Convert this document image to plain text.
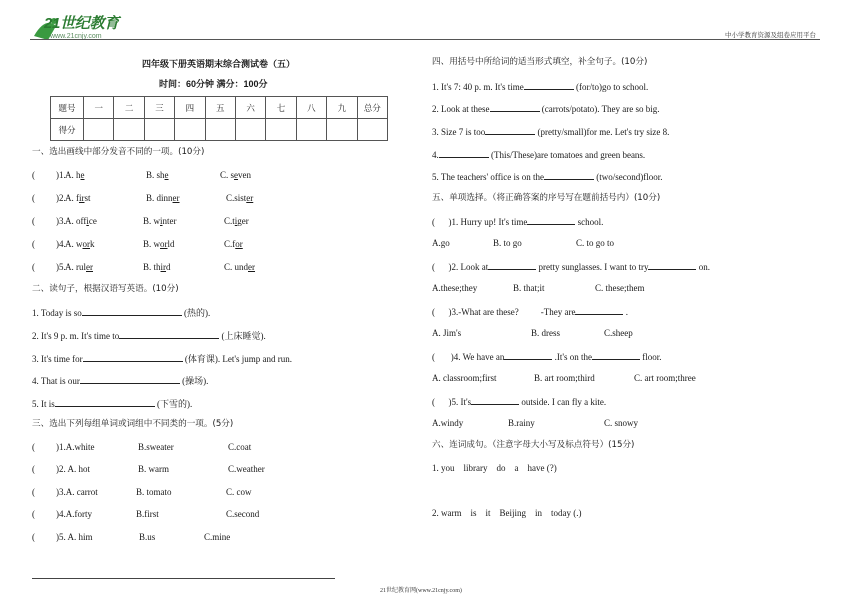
21世纪教育
www.21cnjy.com	中小学教育资源及组卷应用平台
四年级下册英语期末综合测试卷（五）
时间：60分钟 满分：100分
题号	一	二	三	四	五	六	七	八	九	总分
得分										
一、选出画线中部分发音不同的一项。(10分)
( )1. A. he	B. she	C. seven
( )2. A. first	B. dinner	C.sister
( )3. A. office	B. winter	C.tiger
( )4. A. work	B. world	C.for
( )5. A. ruler	B. third	C. under
二、读句子，根据汉语写英语。(10分)
1. Today is so	(热的).
2. It's 9 p. m. It's time to	(上床睡觉).
3. It's time for	(体育课). Let's jump and run.
4. That is our	(操场).
5. It is	(下雪的).
三、选出下列每组单词或词组中不同类的一项。(5分)
( )1.A.white	B.sweater	C.coat
( )2. A. hot	B. warm	C.weather
( )3.A. carrot	B. tomato	C. cow
( )4.A.forty	B.first	C.second
( )5. A. him	B.us	C.mine
四、用括号中所给词的适当形式填空，补全句子。(10分)
1. It's 7: 40 p. m. It's time	(for/to)go to school.
2. Look at these	(carrots/potato). They are so big.
3. Size 7 is too	(pretty/small)for me. Let's try size 8.
4.	(This/These)are tomatoes and green beans.
5. The teachers' office is on the	(two/second)floor.
五、单项选择。（将正确答案的序号写在题前括号内）(10分)
(      )1. Hurry up! It's time	school.
A.go	B. to go	C. to go to
(      )2. Look at	pretty sunglasses. I want to try	on.
A.these;they	B. that;it	C. these;them
(      )3.-What are these? -They are	.
A. Jim's	B. dress	C.sheep
(       )4. We have an	.It's on the	floor.
A. classroom;first	B. art room;third	C. art room;three
(      )5. It's	outside. I can fly a kite.
A.windy	B.rainy	C. snowy
六、连词成句。（注意字母大小写及标点符号）(15分)
1. you    library    do    a    have (?)
2. warm    is    it    Beijing    in    today (.)
21世纪教育网(www.21cnjy.com)
